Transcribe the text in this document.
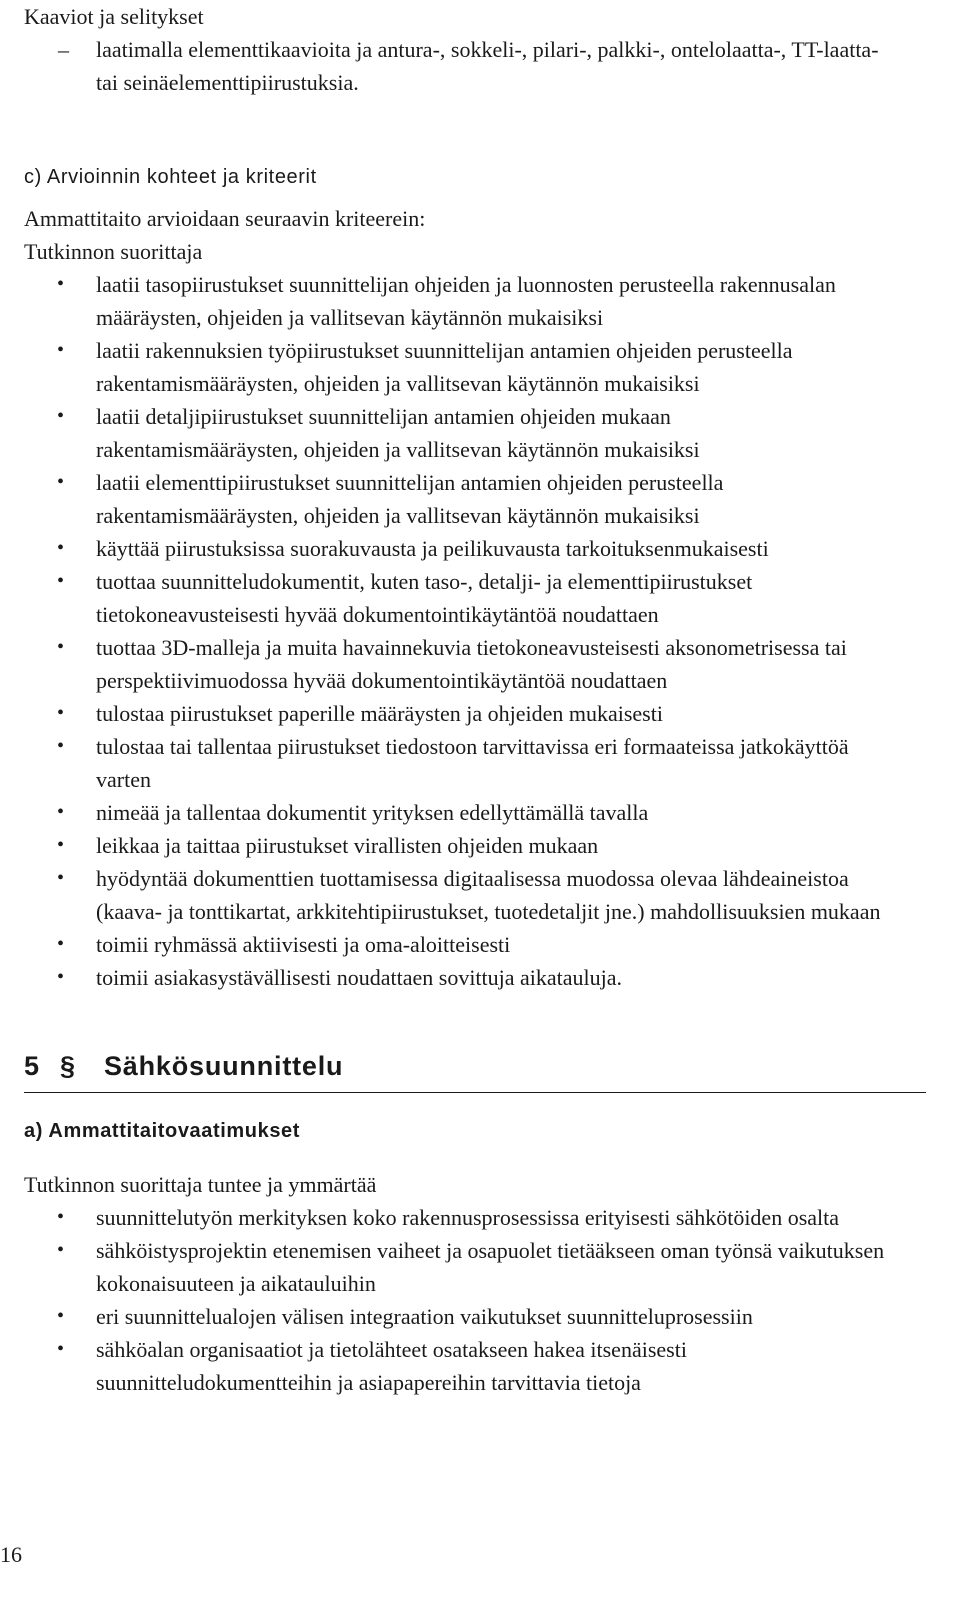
Kaaviot ja selitykset

– laatimalla elementtikaavioita ja antura-, sokkeli-, pilari-, palkki-, ontelolaatta-, TT-laatta- tai seinäelementtipiirustuksia.

c) Arvioinnin kohteet ja kriteerit

Ammattitaito arvioidaan seuraavin kriteerein:

Tutkinnon suorittaja

• laatii tasopiirustukset suunnittelijan ohjeiden ja luonnosten perusteella rakennusalan määräysten, ohjeiden ja vallitsevan käytännön mukaisiksi
• laatii rakennuksien työpiirustukset suunnittelijan antamien ohjeiden perusteella rakentamismääräysten, ohjeiden ja vallitsevan käytännön mukaisiksi
• laatii detaljipiirustukset suunnittelijan antamien ohjeiden mukaan rakentamismääräysten, ohjeiden ja vallitsevan käytännön mukaisiksi
• laatii elementtipiirustukset suunnittelijan antamien ohjeiden perusteella rakentamismääräysten, ohjeiden ja vallitsevan käytännön mukaisiksi
• käyttää piirustuksissa suorakuvausta ja peilikuvausta tarkoituksenmukaisesti
• tuottaa suunnitteludokumentit, kuten taso-, detalji- ja elementtipiirustukset tietokoneavusteisesti hyvää dokumentointikäytäntöä noudattaen
• tuottaa 3D-malleja ja muita havainnekuvia tietokoneavusteisesti aksonometrisessa tai perspektiivimuodossa hyvää dokumentointikäytäntöä noudattaen
• tulostaa piirustukset paperille määräysten ja ohjeiden mukaisesti
• tulostaa tai tallentaa piirustukset tiedostoon tarvittavissa eri formaateissa jatkokäyttöä varten
• nimeää ja tallentaa dokumentit yrityksen edellyttämällä tavalla
• leikkaa ja taittaa piirustukset virallisten ohjeiden mukaan
• hyödyntää dokumenttien tuottamisessa digitaalisessa muodossa olevaa lähdeaineistoa (kaava- ja tonttikartat, arkkitehtipiirustukset, tuotedetaljit jne.) mahdollisuuksien mukaan
• toimii ryhmässä aktiivisesti ja oma-aloitteisesti
• toimii asiakasystävällisesti noudattaen sovittuja aikatauluja.
5 § Sähkösuunnittelu
a) Ammattitaitovaatimukset

Tutkinnon suorittaja tuntee ja ymmärtää

• suunnittelutyön merkityksen koko rakennusprosessissa erityisesti sähkötöiden osalta
• sähköistysprojektin etenemisen vaiheet ja osapuolet tietääkseen oman työnsä vaikutuksen kokonaisuuteen ja aikatauluihin
• eri suunnittelualojen välisen integraation vaikutukset suunnitteluprosessiin
• sähköalan organisaatiot ja tietolähteet osatakseen hakea itsenäisesti suunnitteludokumentteihin ja asiapapereihin tarvittavia tietoja
16
